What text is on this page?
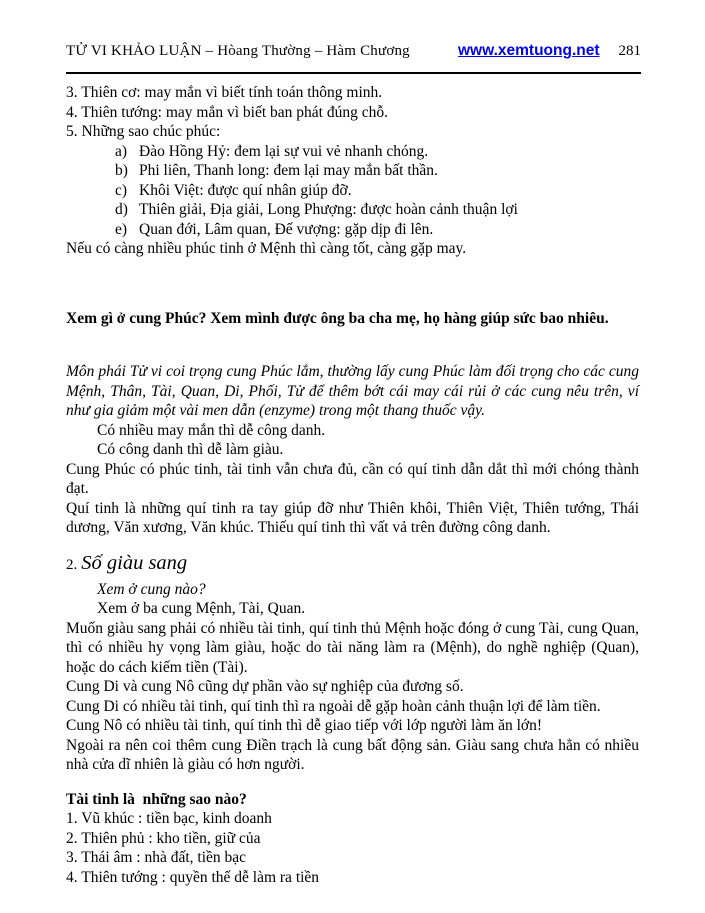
TỬ VI KHẢO LUẬN – Hòang Thường – Hàm Chương	www.xemtuong.net 281
3. Thiên cơ: may mắn vì biết tính toán thông minh.
4. Thiên tướng: may mắn vì biết ban phát đúng chỗ.
5. Những sao chúc phúc:
a) Đào Hồng Hỷ: đem lại sự vui vẻ nhanh chóng.
b) Phi liên, Thanh long: đem lại may mắn bất thần.
c) Khôi Việt: được quí nhân giúp đỡ.
d) Thiên giải, Địa giải, Long Phượng: được hoàn cảnh thuận lợi
e) Quan đới, Lâm quan, Đế vượng: gặp dịp đi lên.
Nếu có càng nhiều phúc tinh ở Mệnh thì càng tốt, càng gặp may.
Xem gì ở cung Phúc? Xem mình được ông ba cha mẹ, họ hàng giúp sức bao nhiêu.
Môn phái Tử vi coi trọng cung Phúc lắm, thường lấy cung Phúc làm đối trọng cho các cung Mệnh, Thân, Tài, Quan, Di, Phối, Tử để thêm bớt cái may cái rủi ở các cung nêu trên, ví như gia giảm một vài men dẫn (enzyme) trong một thang thuốc vậy.
Có nhiều may mắn thì dễ công danh.
Có công danh thì dễ làm giàu.
Cung Phúc có phúc tinh, tài tinh vẫn chưa đủ, cần có quí tinh dẫn dắt thì mới chóng thành đạt.
Quí tinh là những quí tinh ra tay giúp đỡ như Thiên khôi, Thiên Việt, Thiên tướng, Thái dương, Văn xương, Văn khúc. Thiếu quí tinh thì vất vả trên đường công danh.
2. Số giàu sang
Xem ở cung nào?
Xem ở ba cung Mệnh, Tài, Quan.
Muốn giàu sang phải có nhiều tài tinh, quí tinh thủ Mệnh hoặc đóng ở cung Tài, cung Quan, thì có nhiều hy vọng làm giàu, hoặc do tài năng làm ra (Mệnh), do nghề nghiệp (Quan), hoặc do cách kiếm tiền (Tài).
Cung Di và cung Nô cũng dự phần vào sự nghiệp của đương số.
Cung Di có nhiều tài tinh, quí tinh thì ra ngoài dễ gặp hoàn cảnh thuận lợi để làm tiền.
Cung Nô có nhiều tài tinh, quí tinh thì dễ giao tiếp với lớp người làm ăn lớn!
Ngoài ra nên coi thêm cung Điền trạch là cung bất động sản. Giàu sang chưa hẳn có nhiều nhà cửa dĩ nhiên là giàu có hơn người.
Tài tinh là  những sao nào?
1. Vũ khúc : tiền bạc, kinh doanh
2. Thiên phủ : kho tiền, giữ của
3. Thái âm : nhà đất, tiền bạc
4. Thiên tướng : quyền thế dễ làm ra tiền
